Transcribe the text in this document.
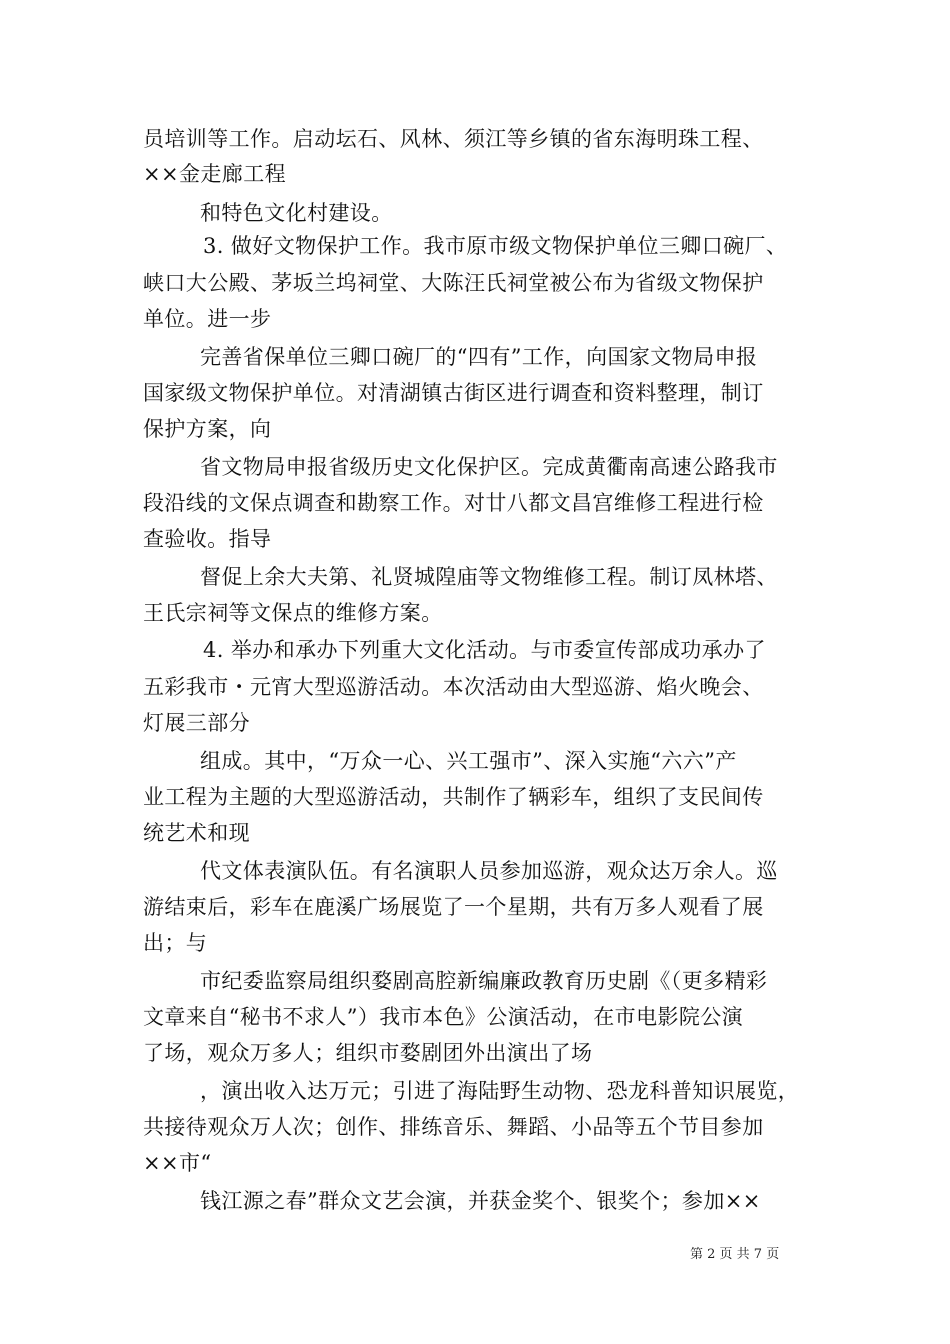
员培训等工作。启动坛石、风林、须江等乡镇的省东海明珠工程、
××金走廊工程
和特色文化村建设。
3. 做好文物保护工作。我市原市级文物保护单位三卿口碗厂、
峡口大公殿、茅坂兰坞祠堂、大陈汪氏祠堂被公布为省级文物保护
单位。进一步
完善省保单位三卿口碗厂的“四有”工作，向国家文物局申报
国家级文物保护单位。对清湖镇古街区进行调查和资料整理，制订
保护方案，向
省文物局申报省级历史文化保护区。完成黄衢南高速公路我市
段沿线的文保点调查和勘察工作。对廿八都文昌宫维修工程进行检
查验收。指导
督促上余大夫第、礼贤城隍庙等文物维修工程。制订凤林塔、
王氏宗祠等文保点的维修方案。
4. 举办和承办下列重大文化活动。与市委宣传部成功承办了
五彩我市・元宵大型巡游活动。本次活动由大型巡游、焰火晚会、
灯展三部分
组成。其中，“万众一心、兴工强市”、深入实施“六六”产
业工程为主题的大型巡游活动，共制作了辆彩车，组织了支民间传
统艺术和现
代文体表演队伍。有名演职人员参加巡游，观众达万余人。巡
游结束后，彩车在鹿溪广场展览了一个星期，共有万多人观看了展
出；与
市纪委监察局组织婺剧高腔新编廉政教育历史剧《（更多精彩
文章来自“秘书不求人”）我市本色》公演活动，在市电影院公演
了场，观众万多人；组织市婺剧团外出演出了场
，演出收入达万元；引进了海陆野生动物、恐龙科普知识展览，
共接待观众万人次；创作、排练音乐、舞蹈、小品等五个节目参加
××市“
钱江源之春”群众文艺会演，并获金奖个、银奖个；参加××
第 2 页 共 7 页
